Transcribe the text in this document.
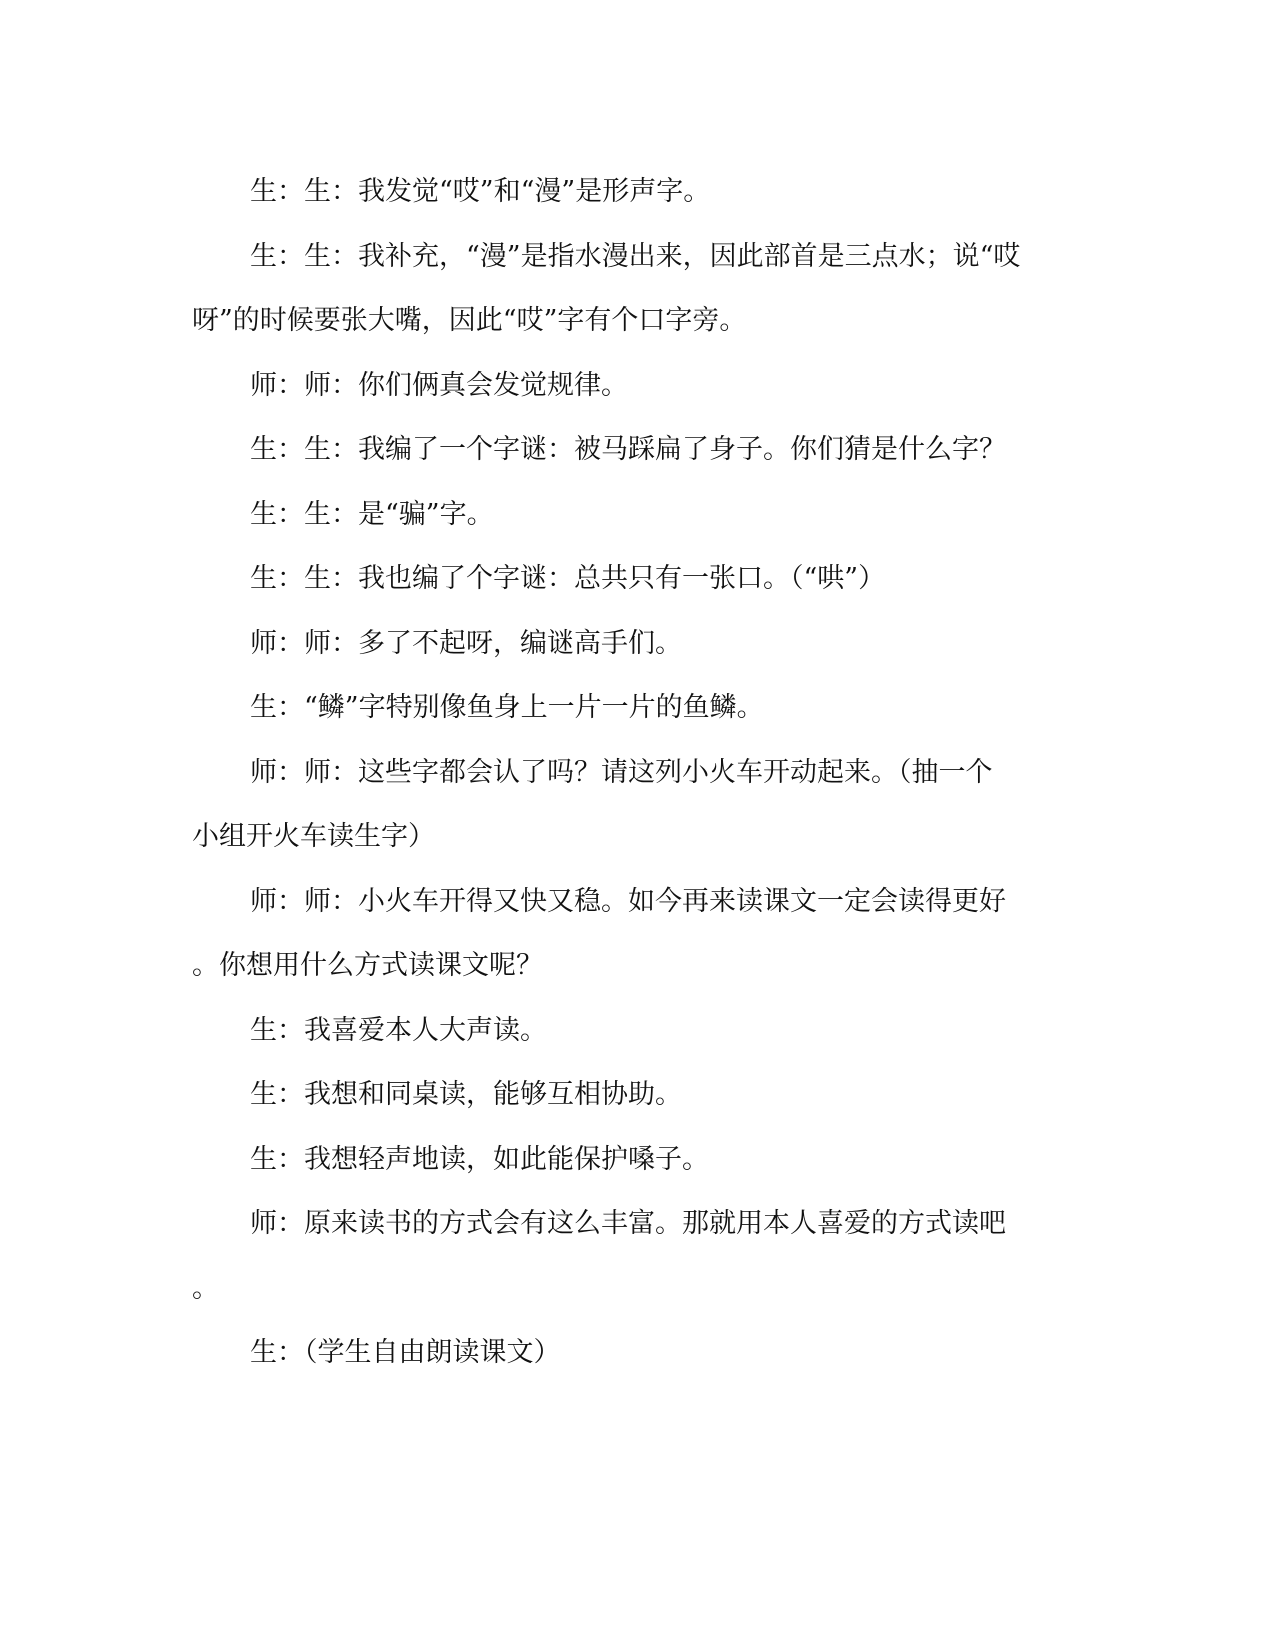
生：生：我发觉“哎”和“漫”是形声字。

生：生：我补充，“漫”是指水漫出来，因此部首是三点水；说“哎
呀”的时候要张大嘴，因此“哎”字有个口字旁。

师：师：你们俩真会发觉规律。

生：生：我编了一个字谜：被马踩扁了身子。你们猜是什么字？

生：生：是“骗”字。

生：生：我也编了个字谜：总共只有一张口。（“哄”）

师：师：多了不起呀，编谜高手们。

生：“鳞”字特别像鱼身上一片一片的鱼鳞。

师：师：这些字都会认了吗？请这列小火车开动起来。（抽一个
小组开火车读生字）

师：师：小火车开得又快又稳。如今再来读课文一定会读得更好
。你想用什么方式读课文呢？

生：我喜爱本人大声读。

生：我想和同桌读，能够互相协助。

生：我想轻声地读，如此能保护嗓子。

师：原来读书的方式会有这么丰富。那就用本人喜爱的方式读吧
。

生：（学生自由朗读课文）
